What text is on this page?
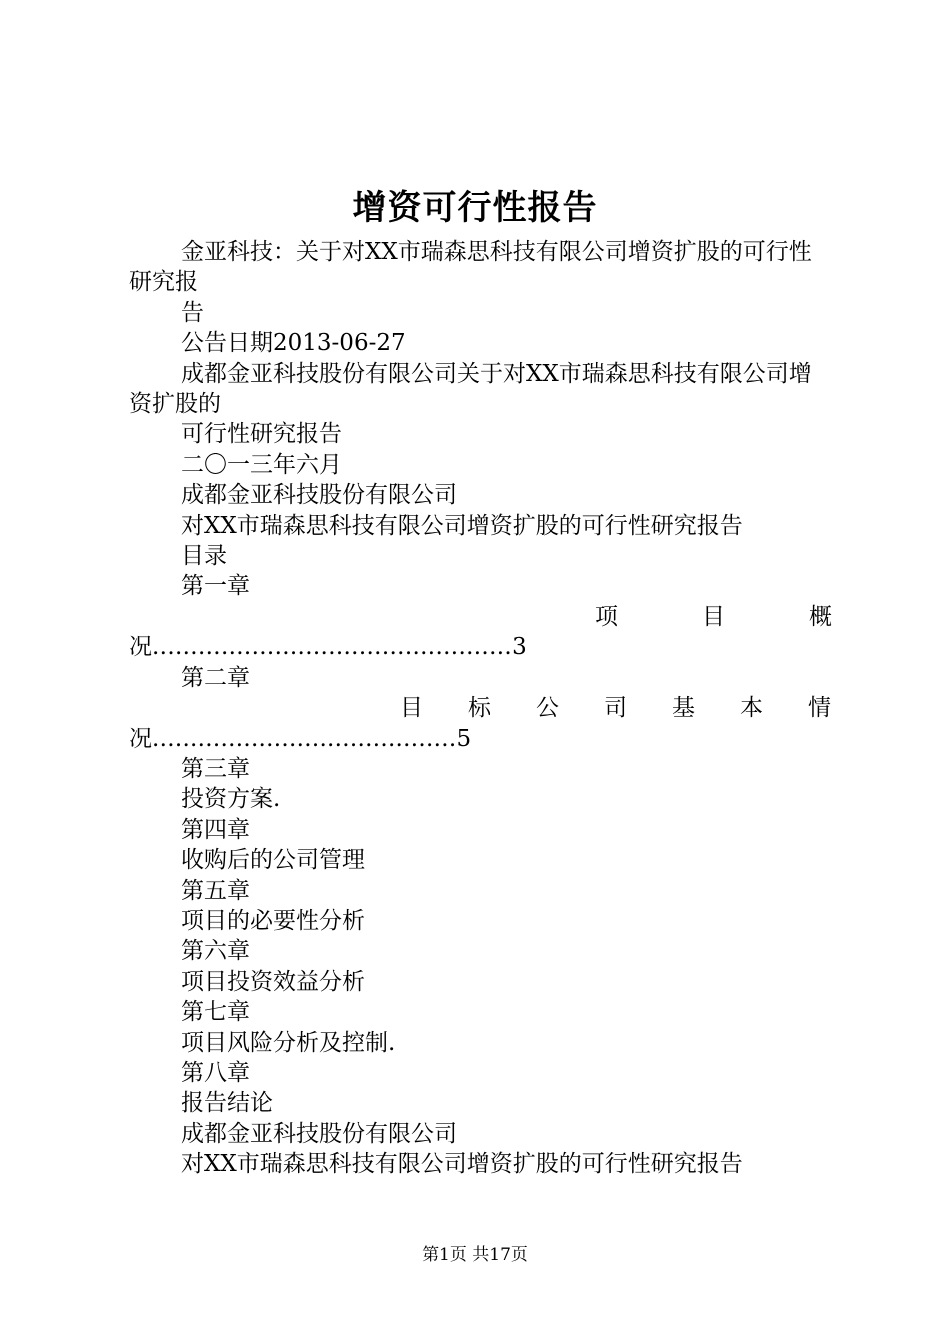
增资可行性报告

金亚科技：关于对XX市瑞森思科技有限公司增资扩股的可行性研究报

告

公告日期2013-06-27

成都金亚科技股份有限公司关于对XX市瑞森思科技有限公司增资扩股的

可行性研究报告

二〇一三年六月

成都金亚科技股份有限公司

对XX市瑞森思科技有限公司增资扩股的可行性研究报告

目录

第一章

项目概
况...............................................3

第二章

目标公司基本情
况........................................5

第三章

投资方案.

第四章

收购后的公司管理

第五章

项目的必要性分析

第六章

项目投资效益分析

第七章

项目风险分析及控制.

第八章

报告结论

成都金亚科技股份有限公司

对XX市瑞森思科技有限公司增资扩股的可行性研究报告

第1页 共17页
